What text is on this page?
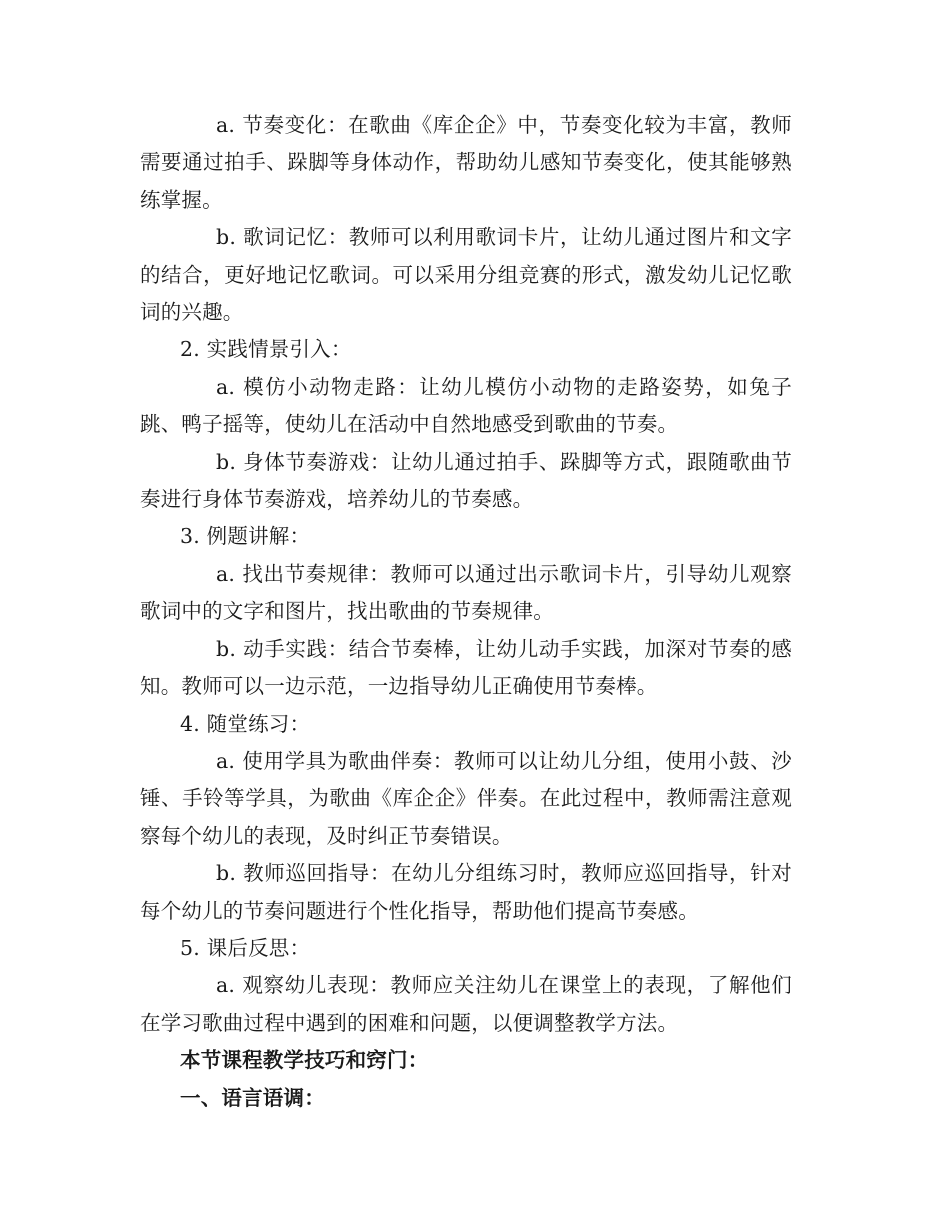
a. 节奏变化：在歌曲《库企企》中，节奏变化较为丰富，教师需要通过拍手、跺脚等身体动作，帮助幼儿感知节奏变化，使其能够熟练掌握。

b. 歌词记忆：教师可以利用歌词卡片，让幼儿通过图片和文字的结合，更好地记忆歌词。可以采用分组竞赛的形式，激发幼儿记忆歌词的兴趣。

2. 实践情景引入：

a. 模仿小动物走路：让幼儿模仿小动物的走路姿势，如兔子跳、鸭子摇等，使幼儿在活动中自然地感受到歌曲的节奏。

b. 身体节奏游戏：让幼儿通过拍手、跺脚等方式，跟随歌曲节奏进行身体节奏游戏，培养幼儿的节奏感。

3. 例题讲解：

a. 找出节奏规律：教师可以通过出示歌词卡片，引导幼儿观察歌词中的文字和图片，找出歌曲的节奏规律。

b. 动手实践：结合节奏棒，让幼儿动手实践，加深对节奏的感知。教师可以一边示范，一边指导幼儿正确使用节奏棒。

4. 随堂练习：

a. 使用学具为歌曲伴奏：教师可以让幼儿分组，使用小鼓、沙锤、手铃等学具，为歌曲《库企企》伴奏。在此过程中，教师需注意观察每个幼儿的表现，及时纠正节奏错误。

b. 教师巡回指导：在幼儿分组练习时，教师应巡回指导，针对每个幼儿的节奏问题进行个性化指导，帮助他们提高节奏感。

5. 课后反思：

a. 观察幼儿表现：教师应关注幼儿在课堂上的表现，了解他们在学习歌曲过程中遇到的困难和问题，以便调整教学方法。

本节课程教学技巧和窍门：

一、语言语调：
